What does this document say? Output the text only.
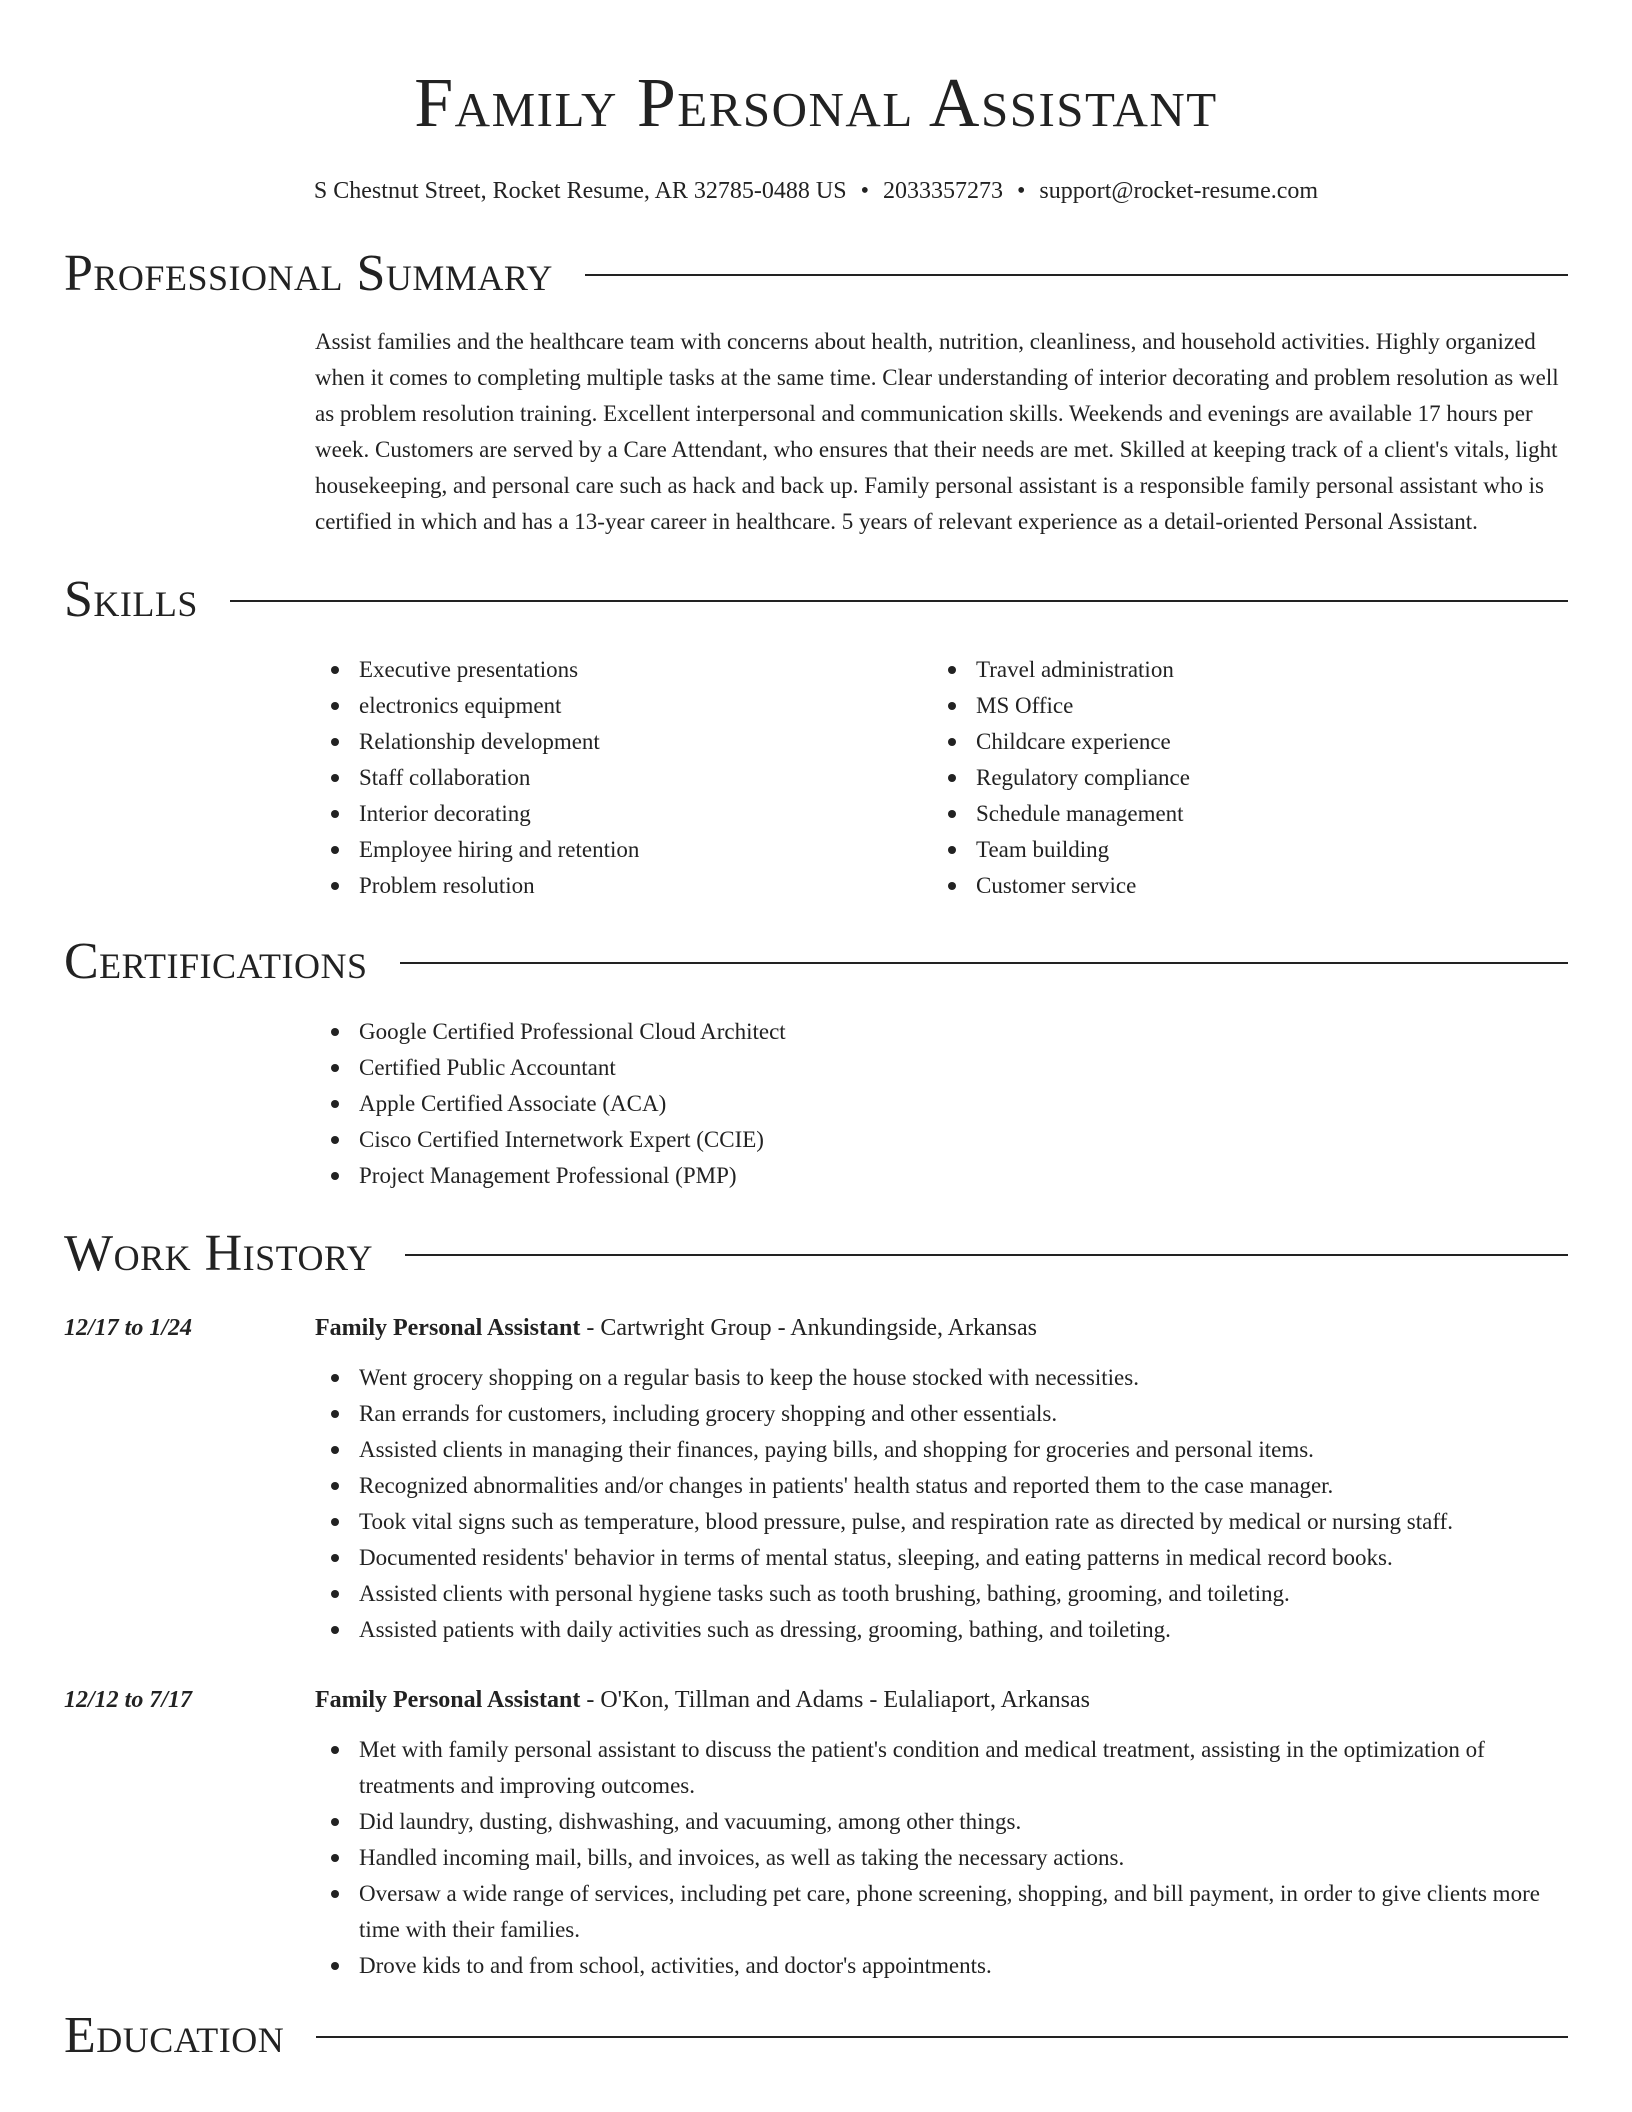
Family Personal Assistant
S Chestnut Street, Rocket Resume, AR 32785-0488 US • 2033357273 • support@rocket-resume.com
Professional Summary
Assist families and the healthcare team with concerns about health, nutrition, cleanliness, and household activities. Highly organized when it comes to completing multiple tasks at the same time. Clear understanding of interior decorating and problem resolution as well as problem resolution training. Excellent interpersonal and communication skills. Weekends and evenings are available 17 hours per week. Customers are served by a Care Attendant, who ensures that their needs are met. Skilled at keeping track of a client's vitals, light housekeeping, and personal care such as hack and back up. Family personal assistant is a responsible family personal assistant who is certified in which and has a 13-year career in healthcare. 5 years of relevant experience as a detail-oriented Personal Assistant.
Skills
Executive presentations
electronics equipment
Relationship development
Staff collaboration
Interior decorating
Employee hiring and retention
Problem resolution
Travel administration
MS Office
Childcare experience
Regulatory compliance
Schedule management
Team building
Customer service
Certifications
Google Certified Professional Cloud Architect
Certified Public Accountant
Apple Certified Associate (ACA)
Cisco Certified Internetwork Expert (CCIE)
Project Management Professional (PMP)
Work History
12/17 to 1/24	Family Personal Assistant - Cartwright Group - Ankundingside, Arkansas
Went grocery shopping on a regular basis to keep the house stocked with necessities.
Ran errands for customers, including grocery shopping and other essentials.
Assisted clients in managing their finances, paying bills, and shopping for groceries and personal items.
Recognized abnormalities and/or changes in patients' health status and reported them to the case manager.
Took vital signs such as temperature, blood pressure, pulse, and respiration rate as directed by medical or nursing staff.
Documented residents' behavior in terms of mental status, sleeping, and eating patterns in medical record books.
Assisted clients with personal hygiene tasks such as tooth brushing, bathing, grooming, and toileting.
Assisted patients with daily activities such as dressing, grooming, bathing, and toileting.
12/12 to 7/17	Family Personal Assistant - O'Kon, Tillman and Adams - Eulaliaport, Arkansas
Met with family personal assistant to discuss the patient's condition and medical treatment, assisting in the optimization of treatments and improving outcomes.
Did laundry, dusting, dishwashing, and vacuuming, among other things.
Handled incoming mail, bills, and invoices, as well as taking the necessary actions.
Oversaw a wide range of services, including pet care, phone screening, shopping, and bill payment, in order to give clients more time with their families.
Drove kids to and from school, activities, and doctor's appointments.
Education
